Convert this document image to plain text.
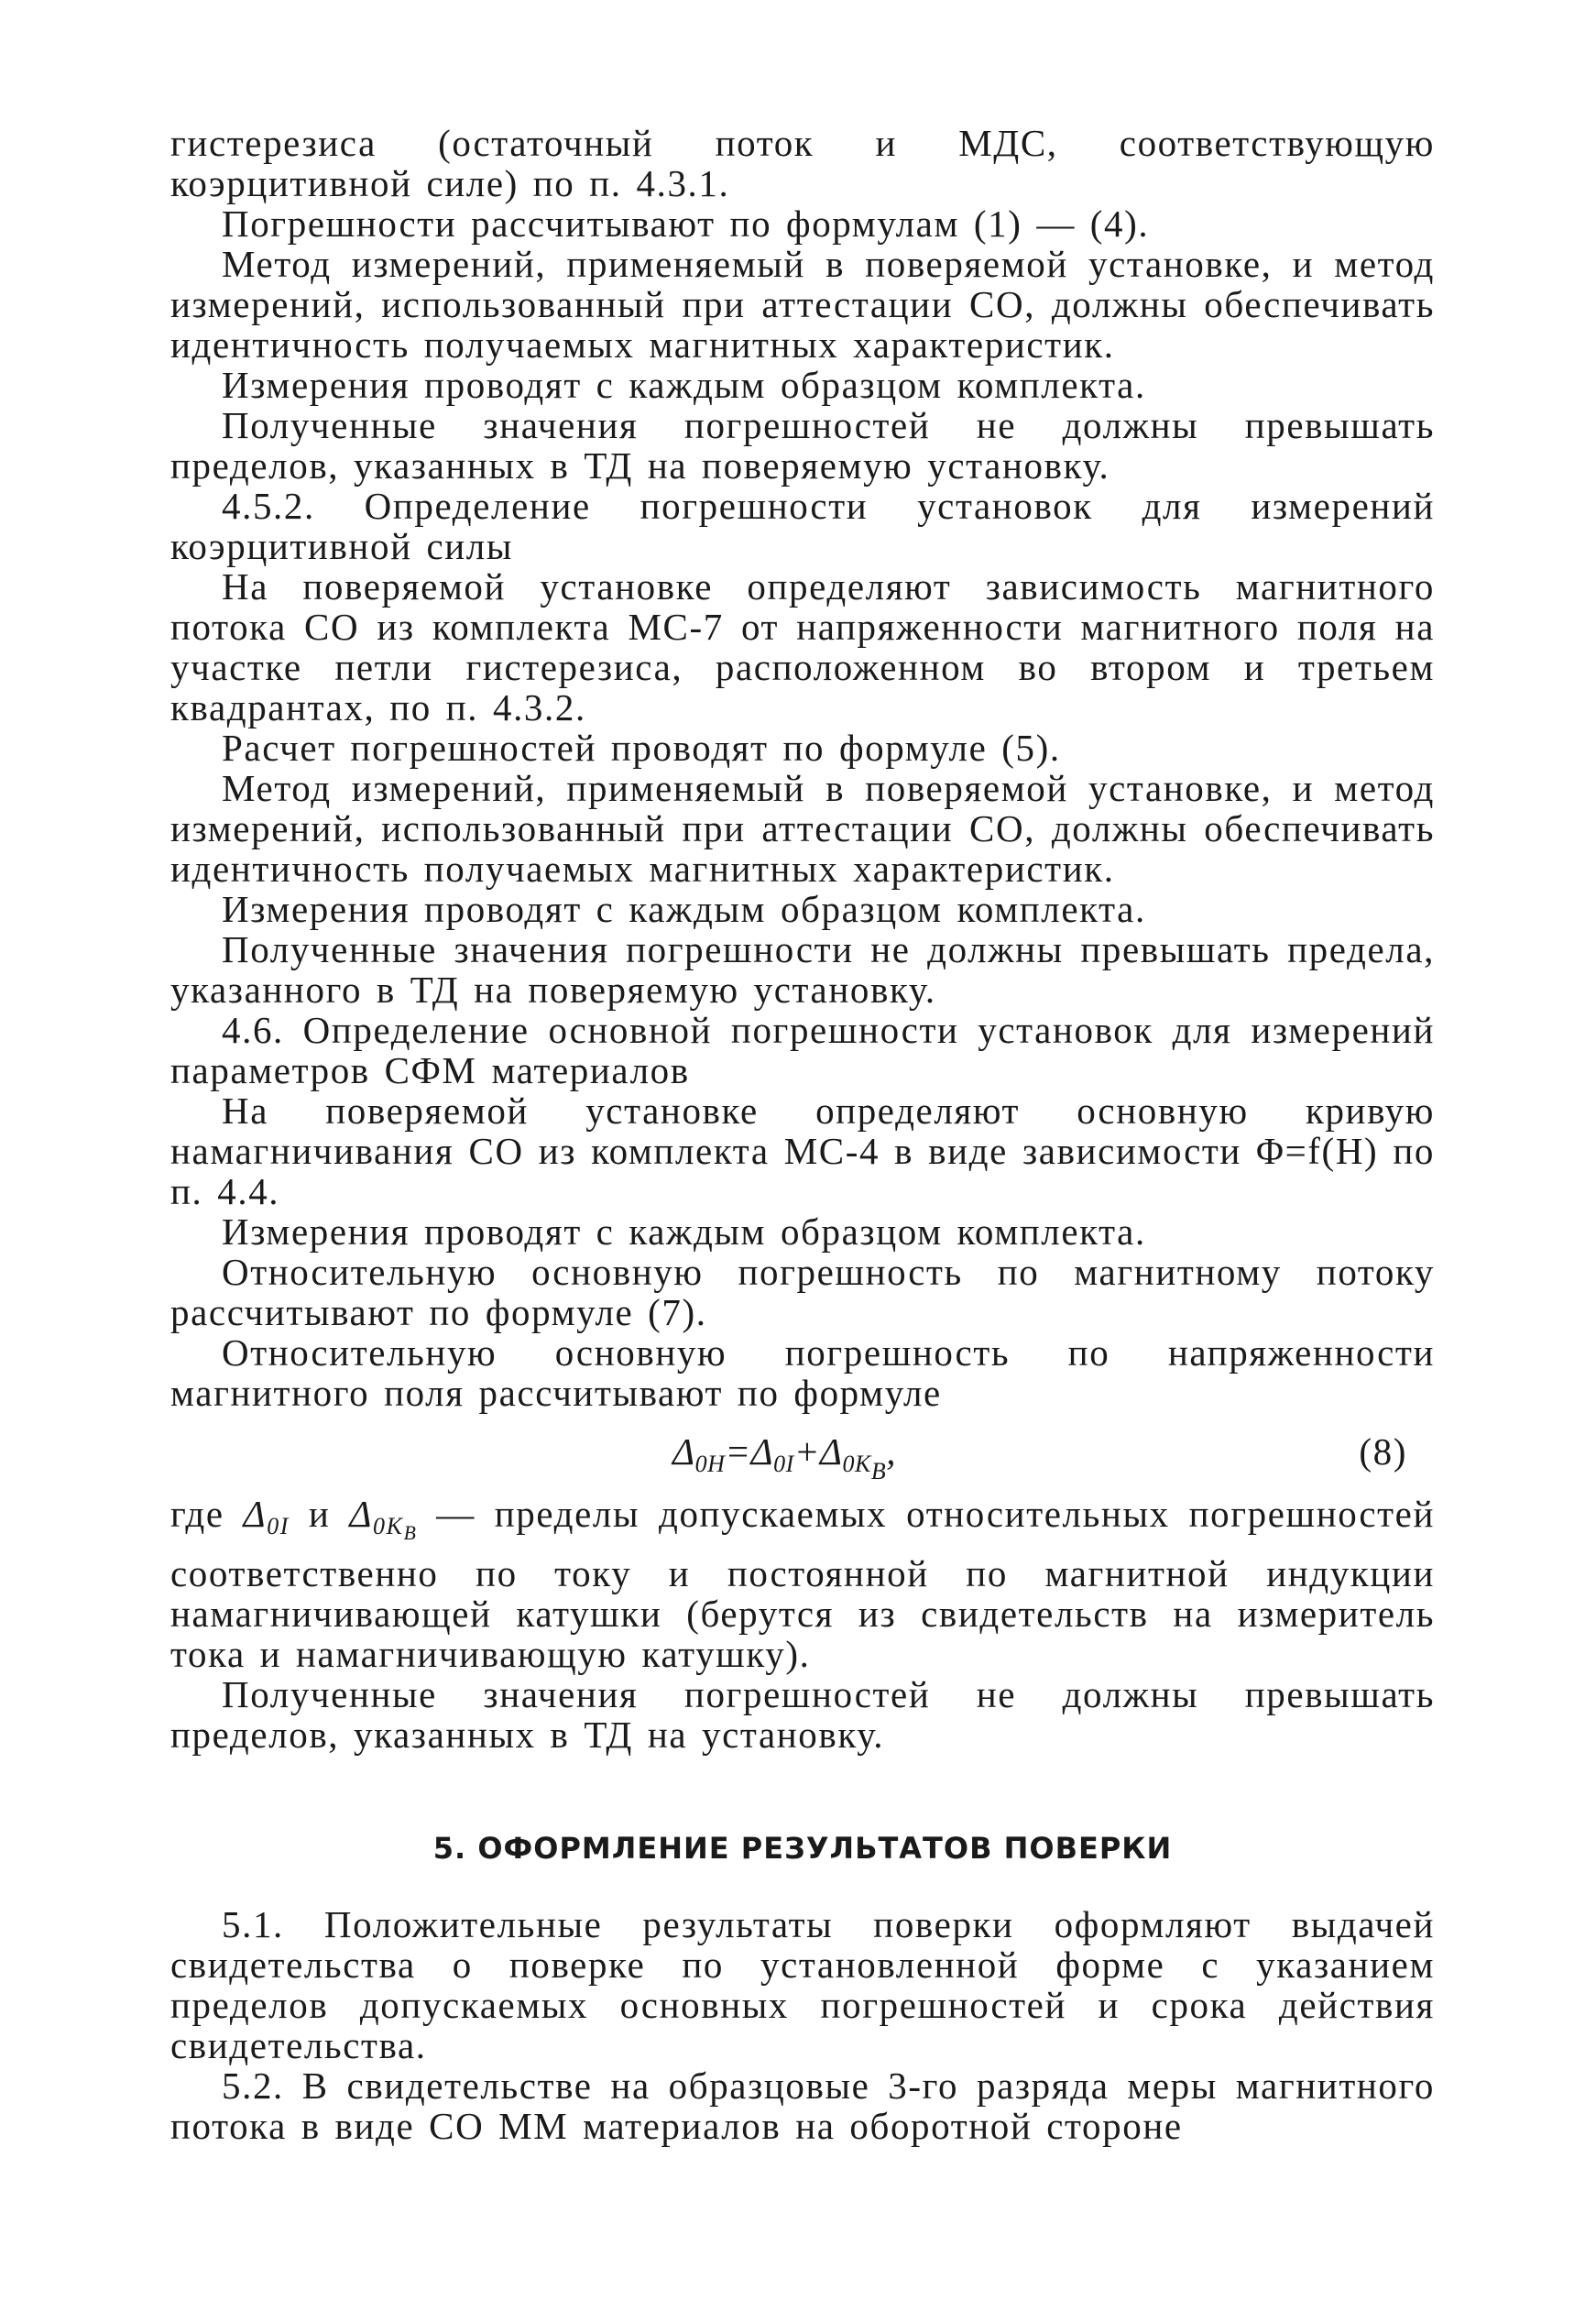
гистерезиса (остаточный поток и МДС, соответствующую коэрцитивной силе) по п. 4.3.1.

Погрешности рассчитывают по формулам (1) — (4).

Метод измерений, применяемый в поверяемой установке, и метод измерений, использованный при аттестации СО, должны обеспечивать идентичность получаемых магнитных характеристик.

Измерения проводят с каждым образцом комплекта.

Полученные значения погрешностей не должны превышать пределов, указанных в ТД на поверяемую установку.

4.5.2. Определение погрешности установок для измерений коэрцитивной силы

На поверяемой установке определяют зависимость магнитного потока СО из комплекта МС-7 от напряженности магнитного поля на участке петли гистерезиса, расположенном во втором и третьем квадрантах, по п. 4.3.2.

Расчет погрешностей проводят по формуле (5).

Метод измерений, применяемый в поверяемой установке, и метод измерений, использованный при аттестации СО, должны обеспечивать идентичность получаемых магнитных характеристик.

Измерения проводят с каждым образцом комплекта.

Полученные значения погрешности не должны превышать предела, указанного в ТД на поверяемую установку.

4.6. Определение основной погрешности установок для измерений параметров СФМ материалов

На поверяемой установке определяют основную кривую намагничивания СО из комплекта МС-4 в виде зависимости Φ=f(H) по п. 4.4.

Измерения проводят с каждым образцом комплекта.

Относительную основную погрешность по магнитному потоку рассчитывают по формуле (7).

Относительную основную погрешность по напряженности магнитного поля рассчитывают по формуле

$\Delta_{0H}=\Delta_{0I}+\Delta_{0K_B}$,	(8)

где $\Delta_{0I}$ и $\Delta_{0K_B}$ — пределы допускаемых относительных погрешностей соответственно по току и постоянной по магнитной индукции намагничивающей катушки (берутся из свидетельств на измеритель тока и намагничивающую катушку).

Полученные значения погрешностей не должны превышать пределов, указанных в ТД на установку.

5. ОФОРМЛЕНИЕ РЕЗУЛЬТАТОВ ПОВЕРКИ

5.1. Положительные результаты поверки оформляют выдачей свидетельства о поверке по установленной форме с указанием пределов допускаемых основных погрешностей и срока действия свидетельства.

5.2. В свидетельстве на образцовые 3-го разряда меры магнитного потока в виде СО ММ материалов на оборотной стороне
